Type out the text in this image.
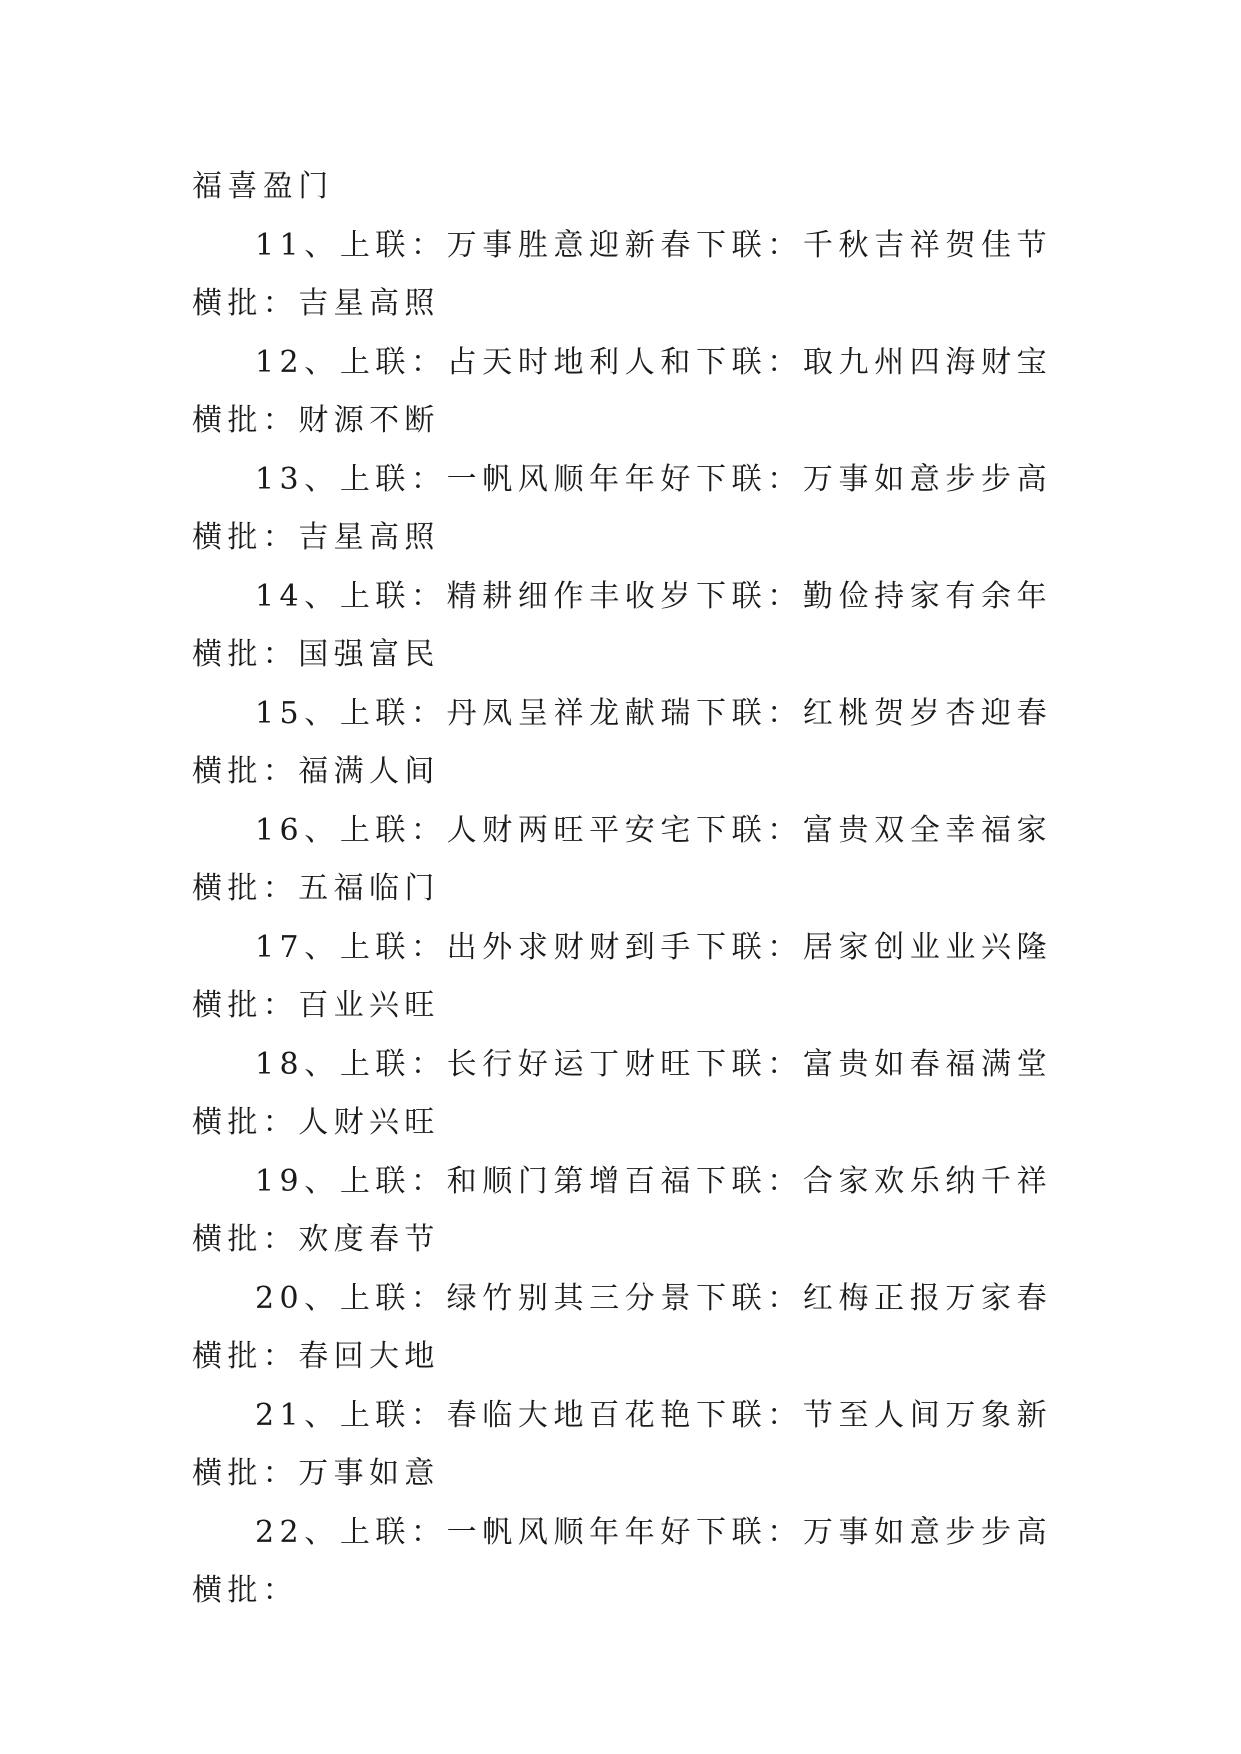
福喜盈门

11、上联：万事胜意迎新春下联：千秋吉祥贺佳节横批：吉星高照

12、上联：占天时地利人和下联：取九州四海财宝横批：财源不断

13、上联：一帆风顺年年好下联：万事如意步步高横批：吉星高照

14、上联：精耕细作丰收岁下联：勤俭持家有余年横批：国强富民

15、上联：丹凤呈祥龙献瑞下联：红桃贺岁杏迎春横批：福满人间

16、上联：人财两旺平安宅下联：富贵双全幸福家横批：五福临门

17、上联：出外求财财到手下联：居家创业业兴隆横批：百业兴旺

18、上联：长行好运丁财旺下联：富贵如春福满堂横批：人财兴旺

19、上联：和顺门第增百福下联：合家欢乐纳千祥横批：欢度春节

20、上联：绿竹别其三分景下联：红梅正报万家春横批：春回大地

21、上联：春临大地百花艳下联：节至人间万象新横批：万事如意

22、上联：一帆风顺年年好下联：万事如意步步高横批：
